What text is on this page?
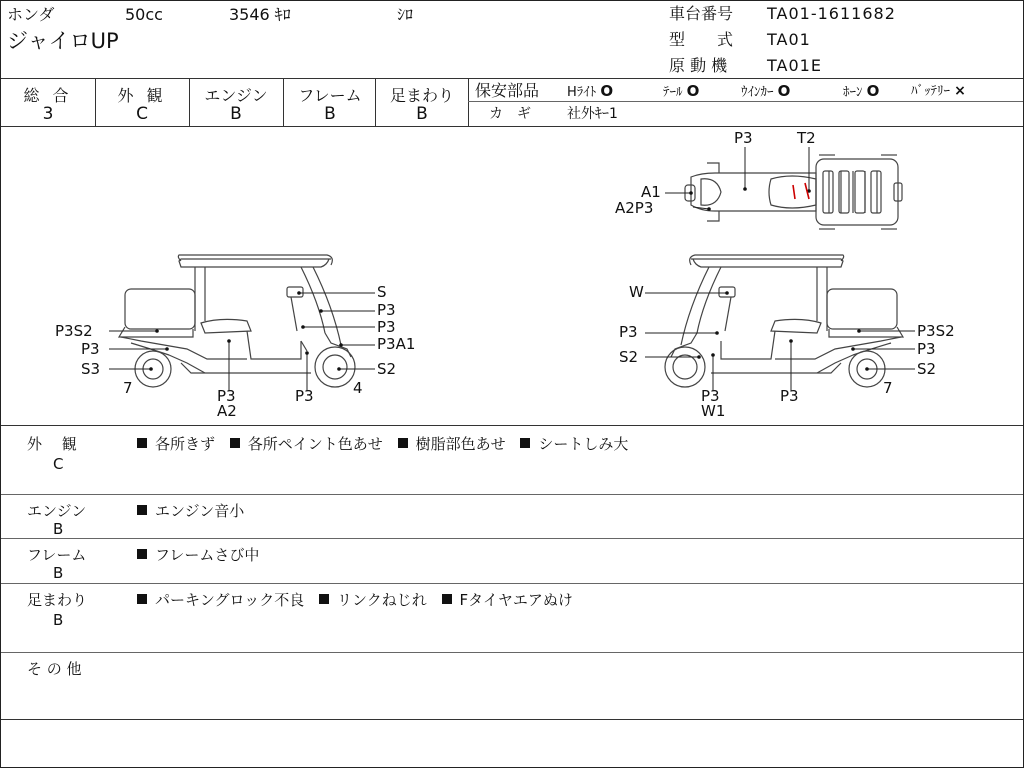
ホンダ	50cc	3546 ｷﾛ	ｼﾛ
ジャイロUP
車台番号 TA01-1611682
型　　式 TA01
原 動 機 TA01E
総 合
3
外 観
C
エンジン
B
フレーム
B
足まわり
B
保安部品 Hﾗｲﾄ O	ﾃｰﾙ O	ｳｲﾝｶｰ O	ﾎｰﾝ O ﾊﾞｯﾃﾘｰ ×
カ　ギ	社外ｷｰ1
P3	T2
A1
A2P3
S
P3
P3
P3A1
S2
P3S2
P3
S3
7	P3
A2
P3	4
W
P3
S2
P3
W1
P3
P3S2
P3
S2
7
外　 観
C
各所きず 各所ペイント色あせ 樹脂部色あせ シートしみ大
エンジン
B
エンジン音小
フレーム
B
フレームさび中
足まわり
B
パーキングロック不良 リンクねじれ Fタイヤエアぬけ
そ の 他
